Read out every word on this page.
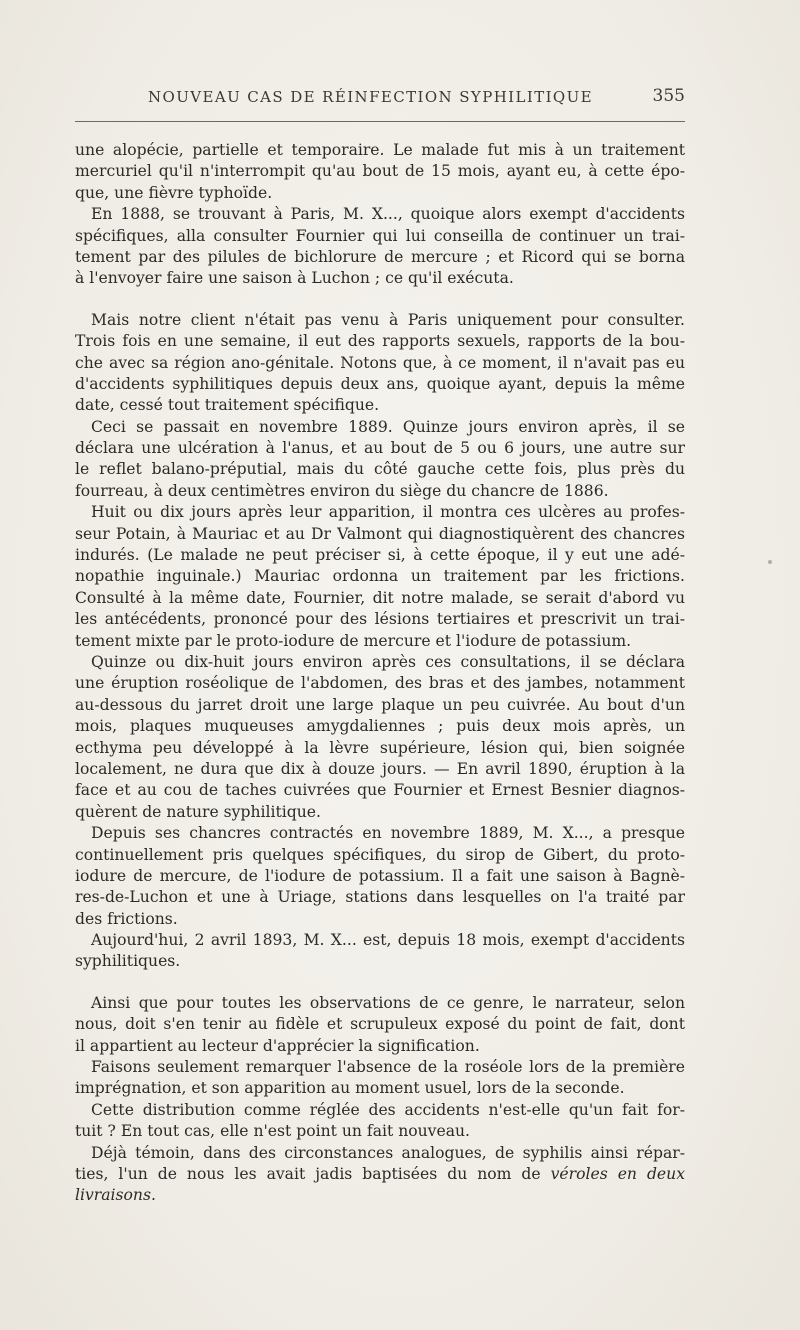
NOUVEAU CAS DE RÉINFECTION SYPHILITIQUE	355
une alopécie, partielle et temporaire. Le malade fut mis à un traitement
mercuriel qu'il n'interrompit qu'au bout de 15 mois, ayant eu, à cette épo-
que, une fièvre typhoïde.
En 1888, se trouvant à Paris, M. X..., quoique alors exempt d'accidents
spécifiques, alla consulter Fournier qui lui conseilla de continuer un trai-
tement par des pilules de bichlorure de mercure ; et Ricord qui se borna
à l'envoyer faire une saison à Luchon ; ce qu'il exécuta.
Mais notre client n'était pas venu à Paris uniquement pour consulter.
Trois fois en une semaine, il eut des rapports sexuels, rapports de la bou-
che avec sa région ano-génitale. Notons que, à ce moment, il n'avait pas eu
d'accidents syphilitiques depuis deux ans, quoique ayant, depuis la même
date, cessé tout traitement spécifique.
Ceci se passait en novembre 1889. Quinze jours environ après, il se
déclara une ulcération à l'anus, et au bout de 5 ou 6 jours, une autre sur
le reflet balano-préputial, mais du côté gauche cette fois, plus près du
fourreau, à deux centimètres environ du siège du chancre de 1886.
Huit ou dix jours après leur apparition, il montra ces ulcères au profes-
seur Potain, à Mauriac et au Dr Valmont qui diagnostiquèrent des chancres
indurés. (Le malade ne peut préciser si, à cette époque, il y eut une adé-
nopathie inguinale.) Mauriac ordonna un traitement par les frictions.
Consulté à la même date, Fournier, dit notre malade, se serait d'abord vu
les antécédents, prononcé pour des lésions tertiaires et prescrivit un trai-
tement mixte par le proto-iodure de mercure et l'iodure de potassium.
Quinze ou dix-huit jours environ après ces consultations, il se déclara
une éruption roséolique de l'abdomen, des bras et des jambes, notamment
au-dessous du jarret droit une large plaque un peu cuivrée. Au bout d'un
mois, plaques muqueuses amygdaliennes ; puis deux mois après, un
ecthyma peu développé à la lèvre supérieure, lésion qui, bien soignée
localement, ne dura que dix à douze jours. — En avril 1890, éruption à la
face et au cou de taches cuivrées que Fournier et Ernest Besnier diagnos-
quèrent de nature syphilitique.
Depuis ses chancres contractés en novembre 1889, M. X..., a presque
continuellement pris quelques spécifiques, du sirop de Gibert, du proto-
iodure de mercure, de l'iodure de potassium. Il a fait une saison à Bagnè-
res-de-Luchon et une à Uriage, stations dans lesquelles on l'a traité par
des frictions.
Aujourd'hui, 2 avril 1893, M. X... est, depuis 18 mois, exempt d'accidents
syphilitiques.
Ainsi que pour toutes les observations de ce genre, le narrateur, selon
nous, doit s'en tenir au fidèle et scrupuleux exposé du point de fait, dont
il appartient au lecteur d'apprécier la signification.
Faisons seulement remarquer l'absence de la roséole lors de la première
imprégnation, et son apparition au moment usuel, lors de la seconde.
Cette distribution comme réglée des accidents n'est-elle qu'un fait for-
tuit ? En tout cas, elle n'est point un fait nouveau.
Déjà témoin, dans des circonstances analogues, de syphilis ainsi répar-
ties, l'un de nous les avait jadis baptisées du nom de véroles en deux
livraisons.
